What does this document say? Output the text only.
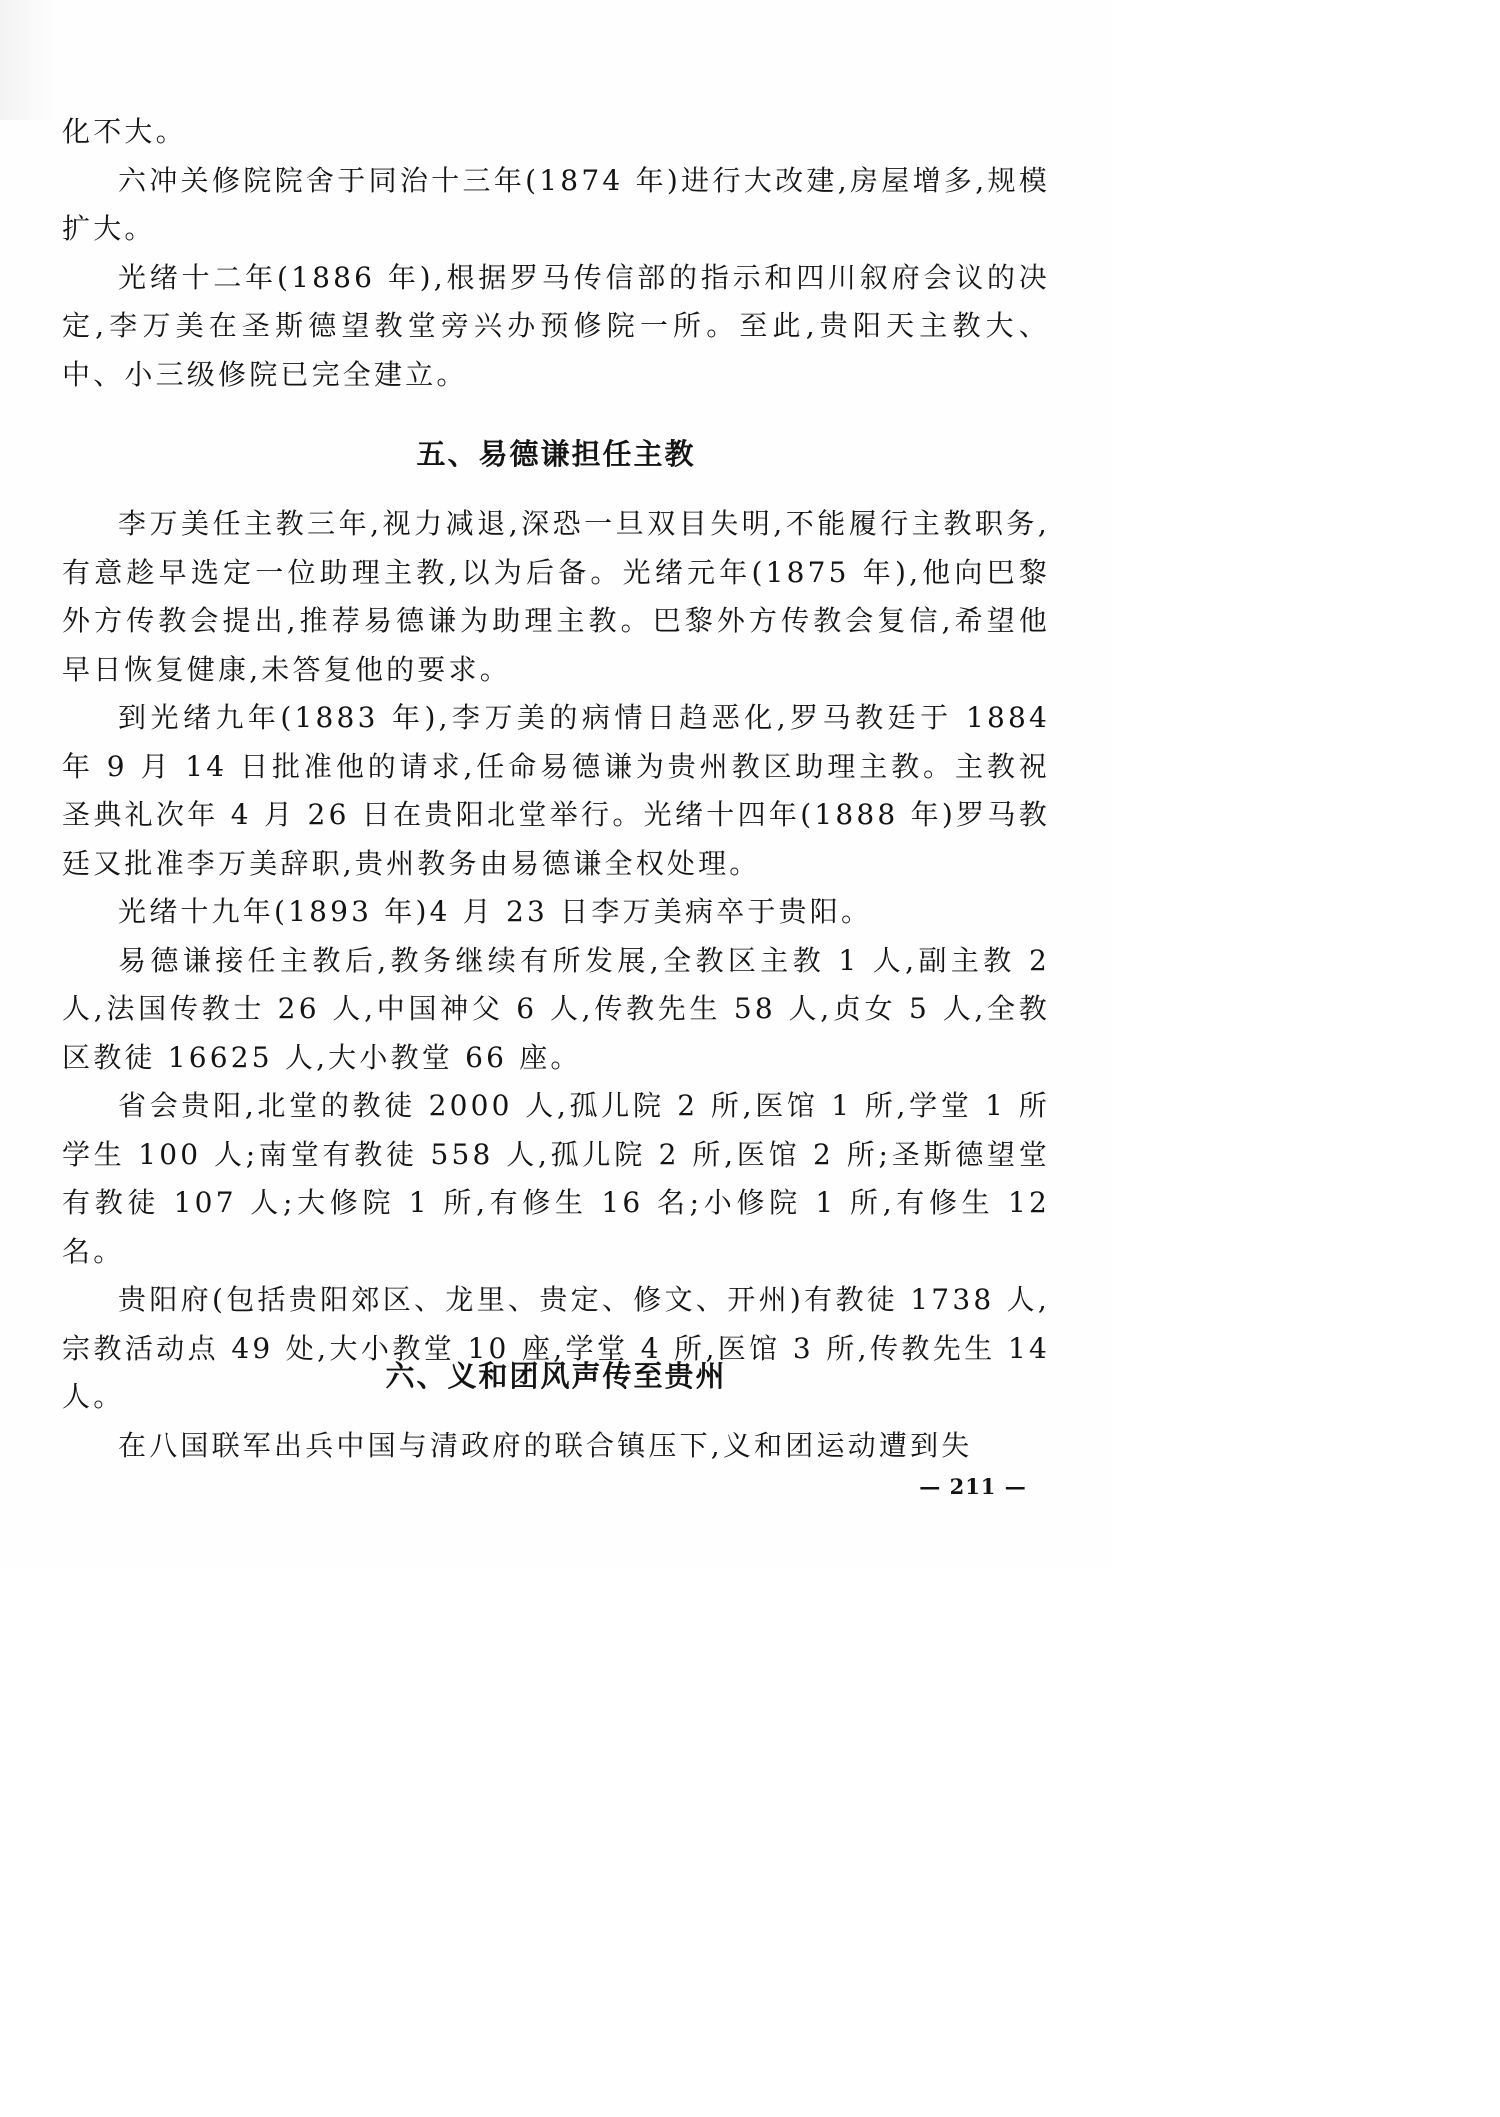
化不大。

六冲关修院院舍于同治十三年(1874 年)进行大改建,房屋增多,规模扩大。

光绪十二年(1886 年),根据罗马传信部的指示和四川叙府会议的决定,李万美在圣斯德望教堂旁兴办预修院一所。至此,贵阳天主教大、中、小三级修院已完全建立。

五、易德谦担任主教

李万美任主教三年,视力减退,深恐一旦双目失明,不能履行主教职务,有意趁早选定一位助理主教,以为后备。光绪元年(1875 年),他向巴黎外方传教会提出,推荐易德谦为助理主教。巴黎外方传教会复信,希望他早日恢复健康,未答复他的要求。

到光绪九年(1883 年),李万美的病情日趋恶化,罗马教廷于 1884 年 9 月 14 日批准他的请求,任命易德谦为贵州教区助理主教。主教祝圣典礼次年 4 月 26 日在贵阳北堂举行。光绪十四年(1888 年)罗马教廷又批准李万美辞职,贵州教务由易德谦全权处理。

光绪十九年(1893 年)4 月 23 日李万美病卒于贵阳。

易德谦接任主教后,教务继续有所发展,全教区主教 1 人,副主教 2 人,法国传教士 26 人,中国神父 6 人,传教先生 58 人,贞女 5 人,全教区教徒 16625 人,大小教堂 66 座。

省会贵阳,北堂的教徒 2000 人,孤儿院 2 所,医馆 1 所,学堂 1 所学生 100 人;南堂有教徒 558 人,孤儿院 2 所,医馆 2 所;圣斯德望堂有教徒 107 人;大修院 1 所,有修生 16 名;小修院 1 所,有修生 12 名。

贵阳府(包括贵阳郊区、龙里、贵定、修文、开州)有教徒 1738 人,宗教活动点 49 处,大小教堂 10 座,学堂 4 所,医馆 3 所,传教先生 14 人。

六、义和团风声传至贵州

在八国联军出兵中国与清政府的联合镇压下,义和团运动遭到失

— 211 —
